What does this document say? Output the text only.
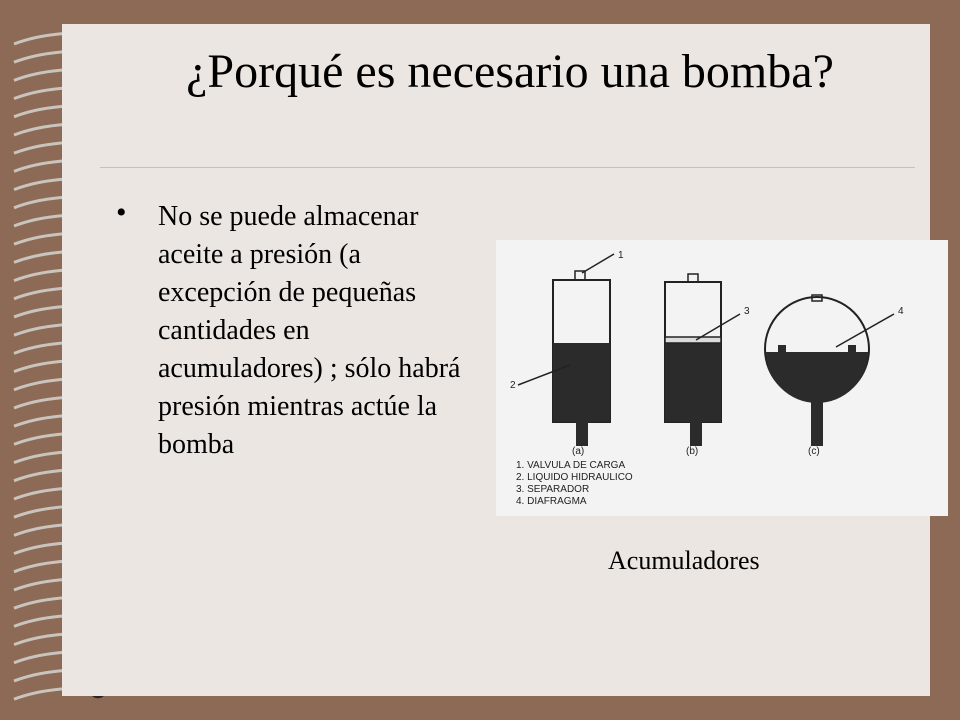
¿Porqué es necesario una bomba?
• No se puede almacenar aceite a presión (a excepción de pequeñas cantidades en acumuladores) ; sólo habrá presión mientras actúe la bomba
1
2
3	4
(a)	(b)	(c)
1. VALVULA DE CARGA
2. LIQUIDO HIDRAULICO
3. SEPARADOR
4. DIAFRAGMA
Acumuladores
